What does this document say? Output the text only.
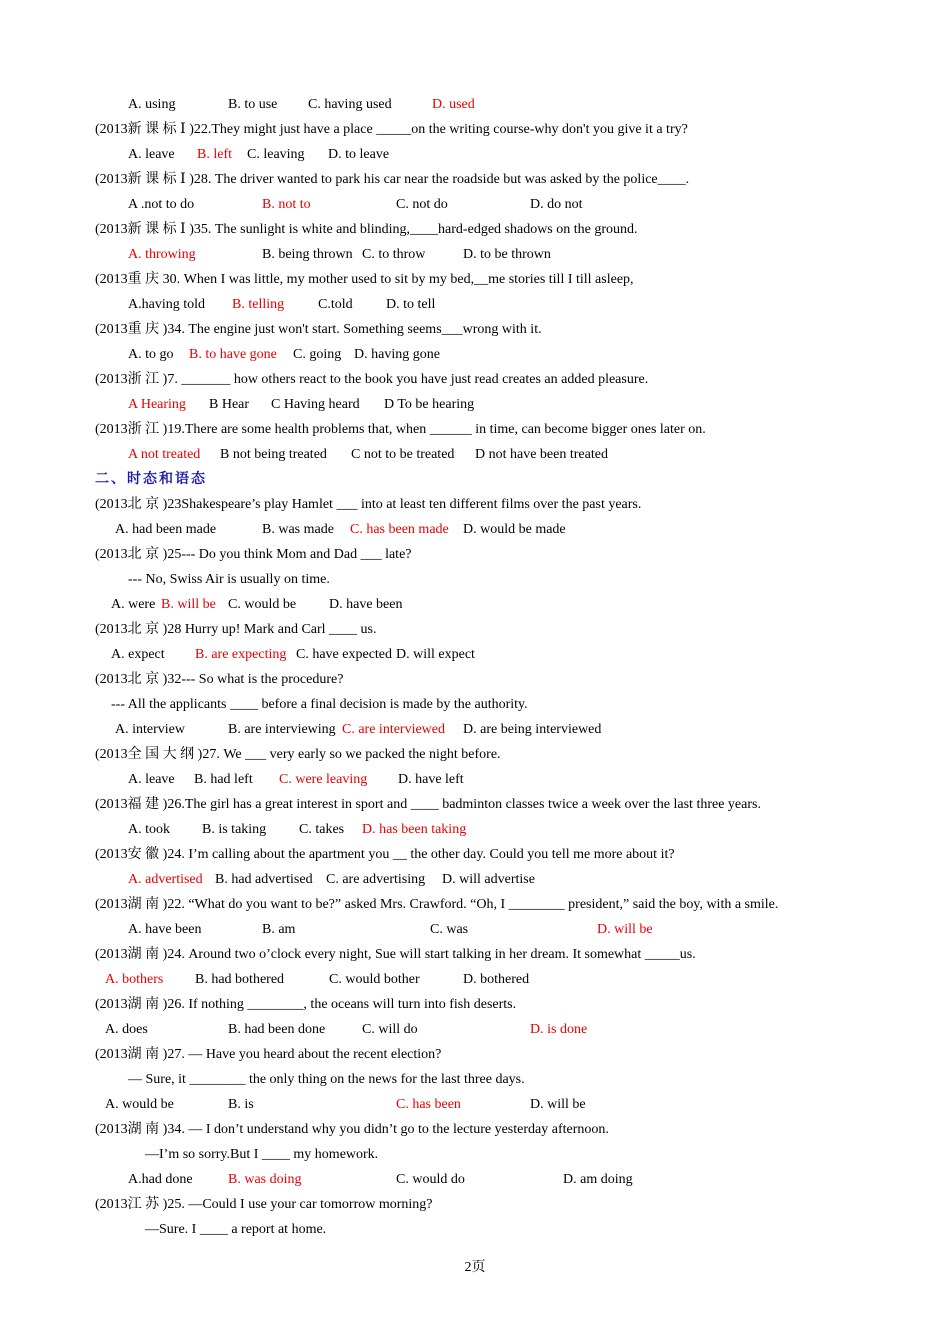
A. using	B. to use C. having used	D. used
(2013新 课 标 Ⅰ )22.They might just have a place _____on the writing course-why don't you give it a try?
A. leave B. left C. leaving D. to leave
(2013新 课 标 Ⅰ )28. The driver wanted to park his car near the roadside but was asked by the police____.
A .not to do	B. not to	C. not do	D. do not
(2013新 课 标 Ⅰ )35. The sunlight is white and blinding,____hard-edged shadows on the ground.
A. throwing	B. being thrown C. to throw	D. to be thrown
(2013重 庆 30. When I was little, my mother used to sit by my bed,__me stories till I till asleep,
A.having told B. telling C.told D. to tell
(2013重 庆 )34. The engine just won't start. Something seems___wrong with it.
A. to go B. to have gone C. going D. having gone
(2013浙 江 )7. _______ how others react to the book you have just read creates an added pleasure.
A Hearing B Hear C Having heard D To be hearing
(2013浙 江 )19.There are some health problems that, when ______ in time, can become bigger ones later on.
A not treated B not being treated C not to be treated D not have been treated
二、时态和语态
(2013北 京 )23Shakespeare’s play Hamlet ___ into at least ten different films over the past years.
A. had been made	B. was made C. has been made D. would be made
(2013北 京 )25--- Do you think Mom and Dad ___ late?
--- No, Swiss Air is usually on time.
A. were B. will be C. would be D. have been
(2013北 京 )28 Hurry up! Mark and Carl ____ us.
A. expect B. are expecting C. have expected D. will expect
(2013北 京 )32--- So what is the procedure?
--- All the applicants ____ before a final decision is made by the authority.
A. interview	B. are interviewing C. are interviewed D. are being interviewed
(2013全 国 大 纲 )27. We ___ very early so we packed the night before.
A. leave B. had left C. were leaving D. have left
(2013福 建 )26.The girl has a great interest in sport and ____ badminton classes twice a week over the last three years.
A. took B. is taking C. takes D. has been taking
(2013安 徽 )24. I’m calling about the apartment you __ the other day. Could you tell me more about it?
A. advertised B. had advertised C. are advertising D. will advertise
(2013湖 南 )22. “What do you want to be?” asked Mrs. Crawford. “Oh, I ________ president,” said the boy, with a smile.
A. have been	B. am	C. was	D. will be
(2013湖 南 )24. Around two o’clock every night, Sue will start talking in her dream. It somewhat _____us.
A. bothers B. had bothered	C. would bother	D. bothered
(2013湖 南 )26. If nothing ________, the oceans will turn into fish deserts.
A. does	B. had been done	C. will do	D. is done
(2013湖 南 )27. — Have you heard about the recent election?
— Sure, it ________ the only thing on the news for the last three days.
A. would be	B. is	C. has been	D. will be
(2013湖 南 )34. — I don’t understand why you didn’t go to the lecture yesterday afternoon.
—I’m so sorry.But I ____ my homework.
A.had done	B. was doing	C. would do	D. am doing
(2013江 苏 )25. —Could I use your car tomorrow morning?
—Sure. I ____ a report at home.
2页
